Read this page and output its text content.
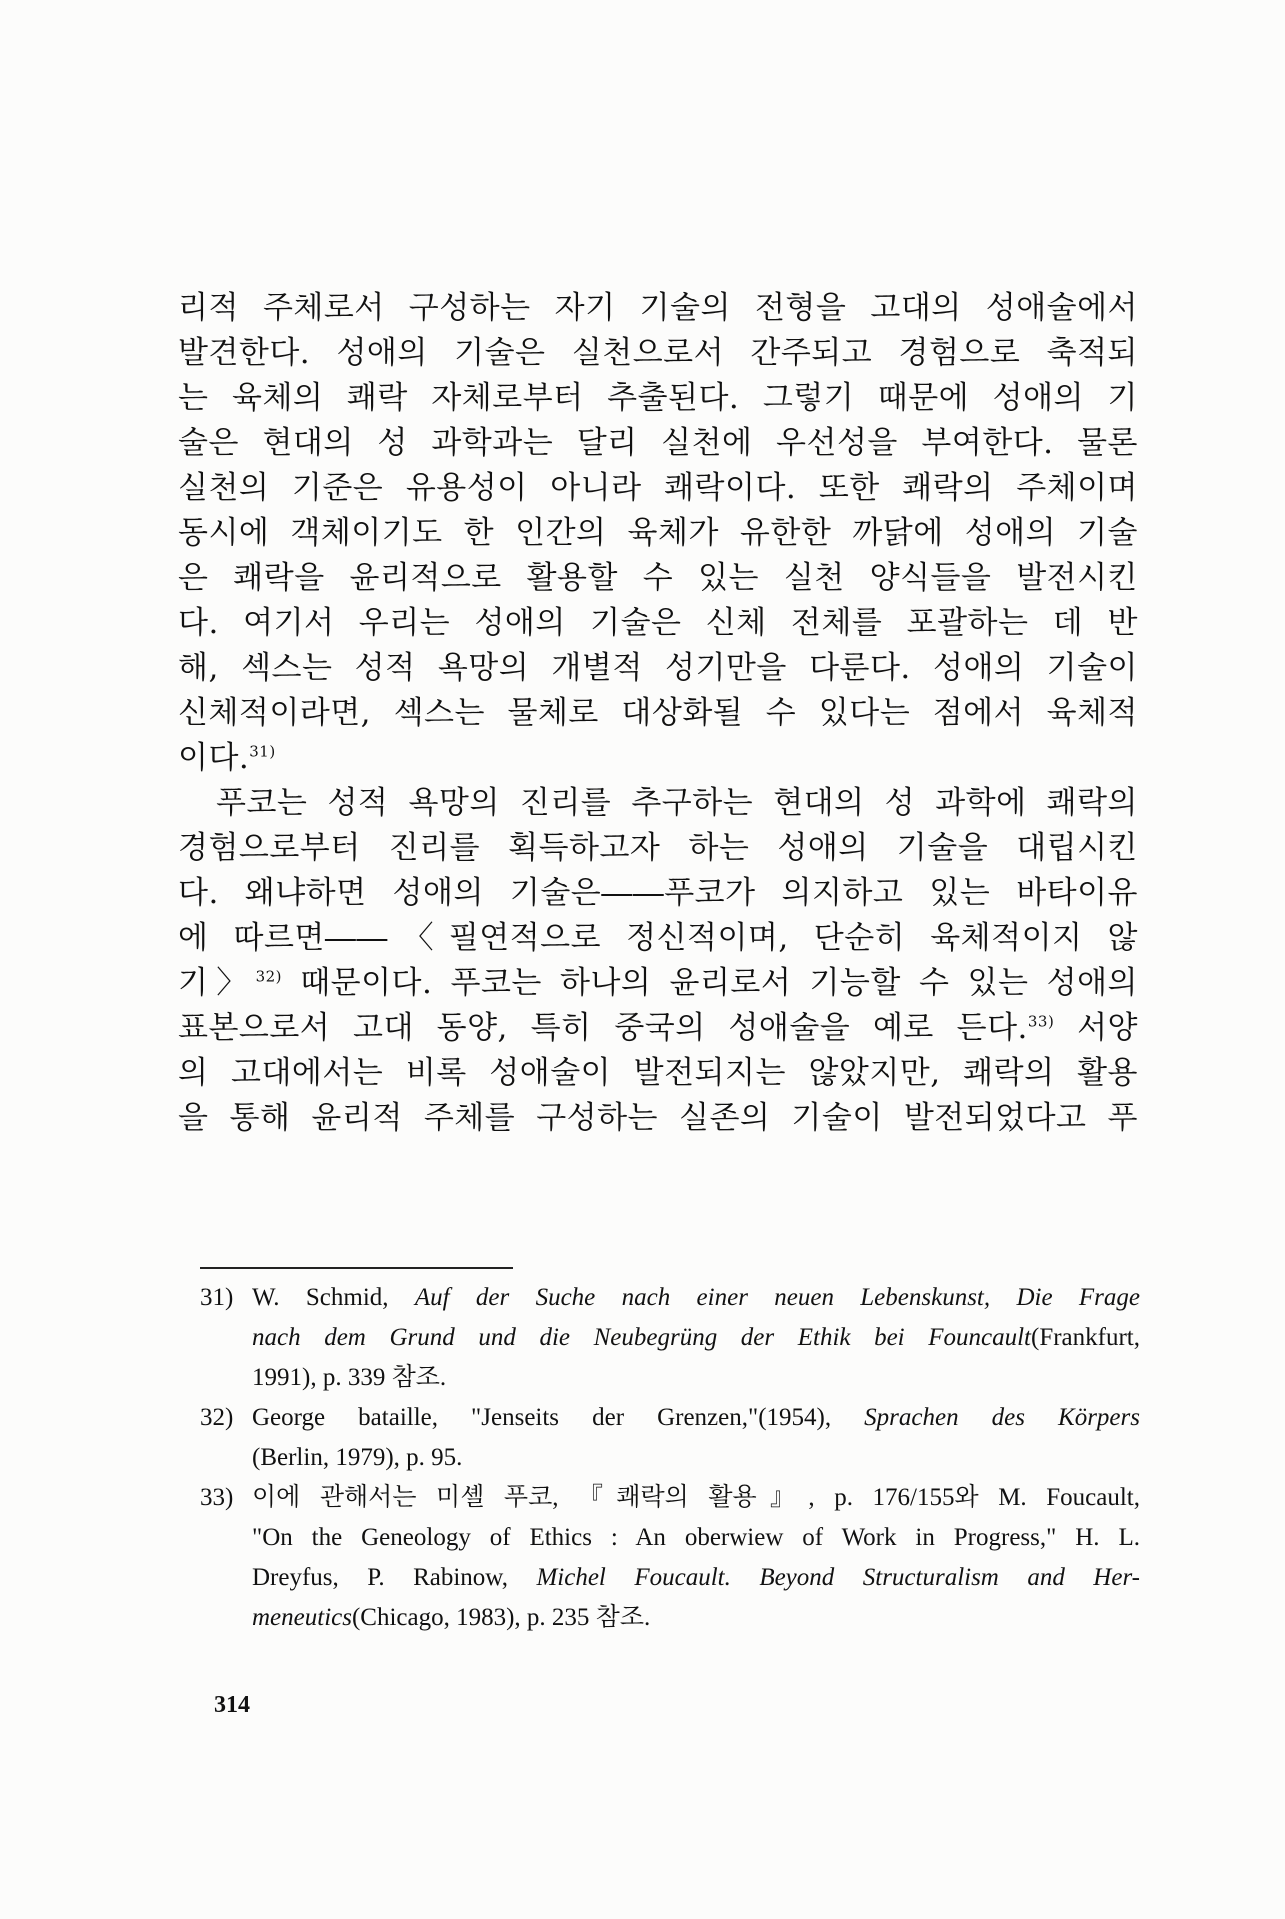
리적 주체로서 구성하는 자기 기술의 전형을 고대의 성애술에서
발견한다. 성애의 기술은 실천으로서 간주되고 경험으로 축적되
는 육체의 쾌락 자체로부터 추출된다. 그렇기 때문에 성애의 기
술은 현대의 성 과학과는 달리 실천에 우선성을 부여한다. 물론
실천의 기준은 유용성이 아니라 쾌락이다. 또한 쾌락의 주체이며
동시에 객체이기도 한 인간의 육체가 유한한 까닭에 성애의 기술
은 쾌락을 윤리적으로 활용할 수 있는 실천 양식들을 발전시킨
다. 여기서 우리는 성애의 기술은 신체 전체를 포괄하는 데 반
해, 섹스는 성적 욕망의 개별적 성기만을 다룬다. 성애의 기술이
신체적이라면, 섹스는 물체로 대상화될 수 있다는 점에서 육체적
이다.$^{31)}$
푸코는 성적 욕망의 진리를 추구하는 현대의 성 과학에 쾌락의
경험으로부터 진리를 획득하고자 하는 성애의 기술을 대립시킨
다. 왜냐하면 성애의 기술은――푸코가 의지하고 있는 바타이유
에 따르면――〈필연적으로 정신적이며, 단순히 육체적이지 않
기〉$^{32)}$ 때문이다. 푸코는 하나의 윤리로서 기능할 수 있는 성애의
표본으로서 고대 동양, 특히 중국의 성애술을 예로 든다.$^{33)}$ 서양
의 고대에서는 비록 성애술이 발전되지는 않았지만, 쾌락의 활용
을 통해 윤리적 주체를 구성하는 실존의 기술이 발전되었다고 푸
31) W. Schmid, Auf der Suche nach einer neuen Lebenskunst, Die Frage
nach dem Grund und die Neubegrüng der Ethik bei Founcault(Frankfurt,
1991), p. 339 참조.
32) George bataille, "Jenseits der Grenzen,"(1954), Sprachen des Körpers
(Berlin, 1979), p. 95.
33) 이에 관해서는 미셸 푸코, 『쾌락의 활용』, p. 176/155와 M. Foucault,
"On the Geneology of Ethics : An oberwiew of Work in Progress," H. L.
Dreyfus, P. Rabinow, Michel Foucault. Beyond Structuralism and Her-
meneutics(Chicago, 1983), p. 235 참조.
314
